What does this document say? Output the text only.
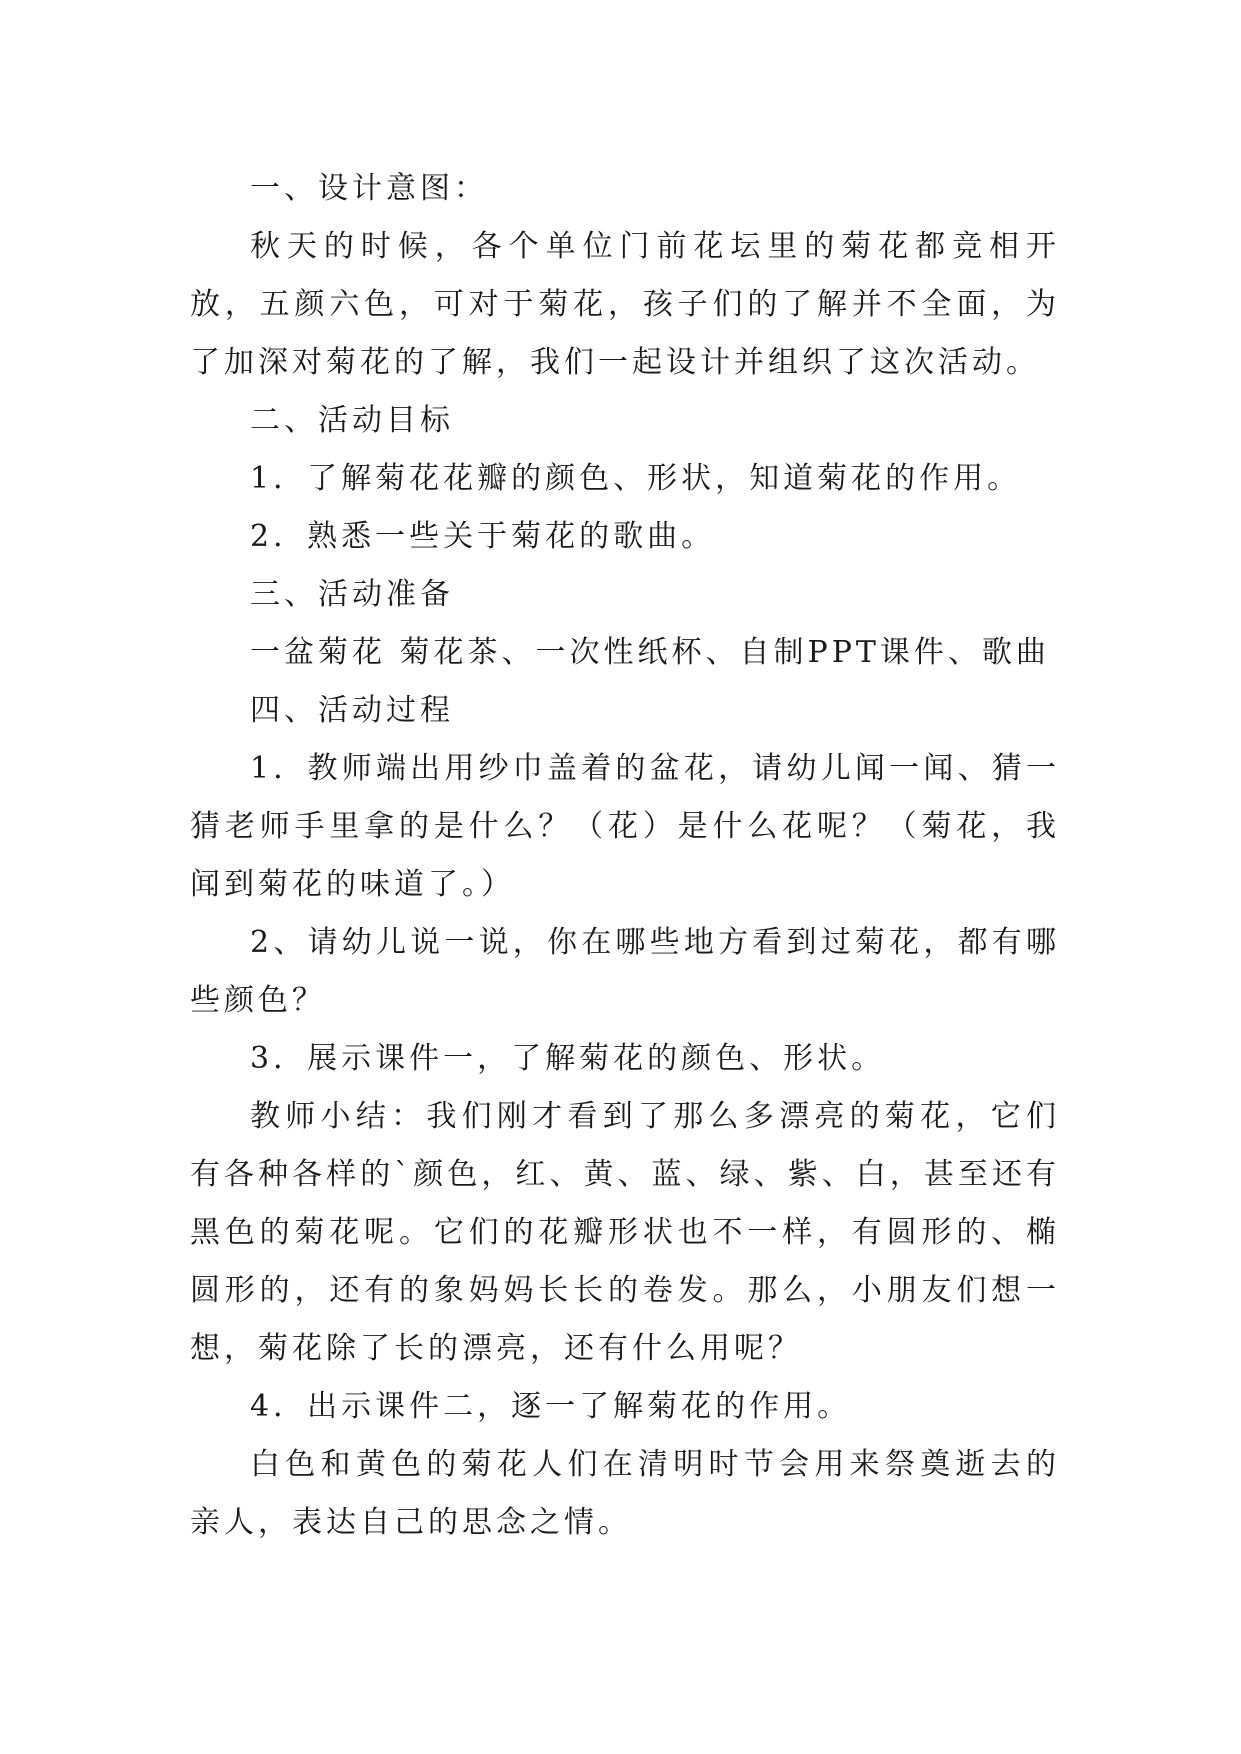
一、设计意图：

秋天的时候，各个单位门前花坛里的菊花都竞相开放，五颜六色，可对于菊花，孩子们的了解并不全面，为了加深对菊花的了解，我们一起设计并组织了这次活动。

二、活动目标

1．了解菊花花瓣的颜色、形状，知道菊花的作用。

2．熟悉一些关于菊花的歌曲。

三、活动准备

一盆菊花 菊花茶、一次性纸杯、自制PPT课件、歌曲

四、活动过程

1．教师端出用纱巾盖着的盆花，请幼儿闻一闻、猜一猜老师手里拿的是什么？（花）是什么花呢？（菊花，我闻到菊花的味道了。）

2、请幼儿说一说，你在哪些地方看到过菊花，都有哪些颜色？

3．展示课件一，了解菊花的颜色、形状。

教师小结：我们刚才看到了那么多漂亮的菊花，它们有各种各样的`颜色，红、黄、蓝、绿、紫、白，甚至还有黑色的菊花呢。它们的花瓣形状也不一样，有圆形的、椭圆形的，还有的象妈妈长长的卷发。那么，小朋友们想一想，菊花除了长的漂亮，还有什么用呢？

4．出示课件二，逐一了解菊花的作用。

白色和黄色的菊花人们在清明时节会用来祭奠逝去的亲人，表达自己的思念之情。
